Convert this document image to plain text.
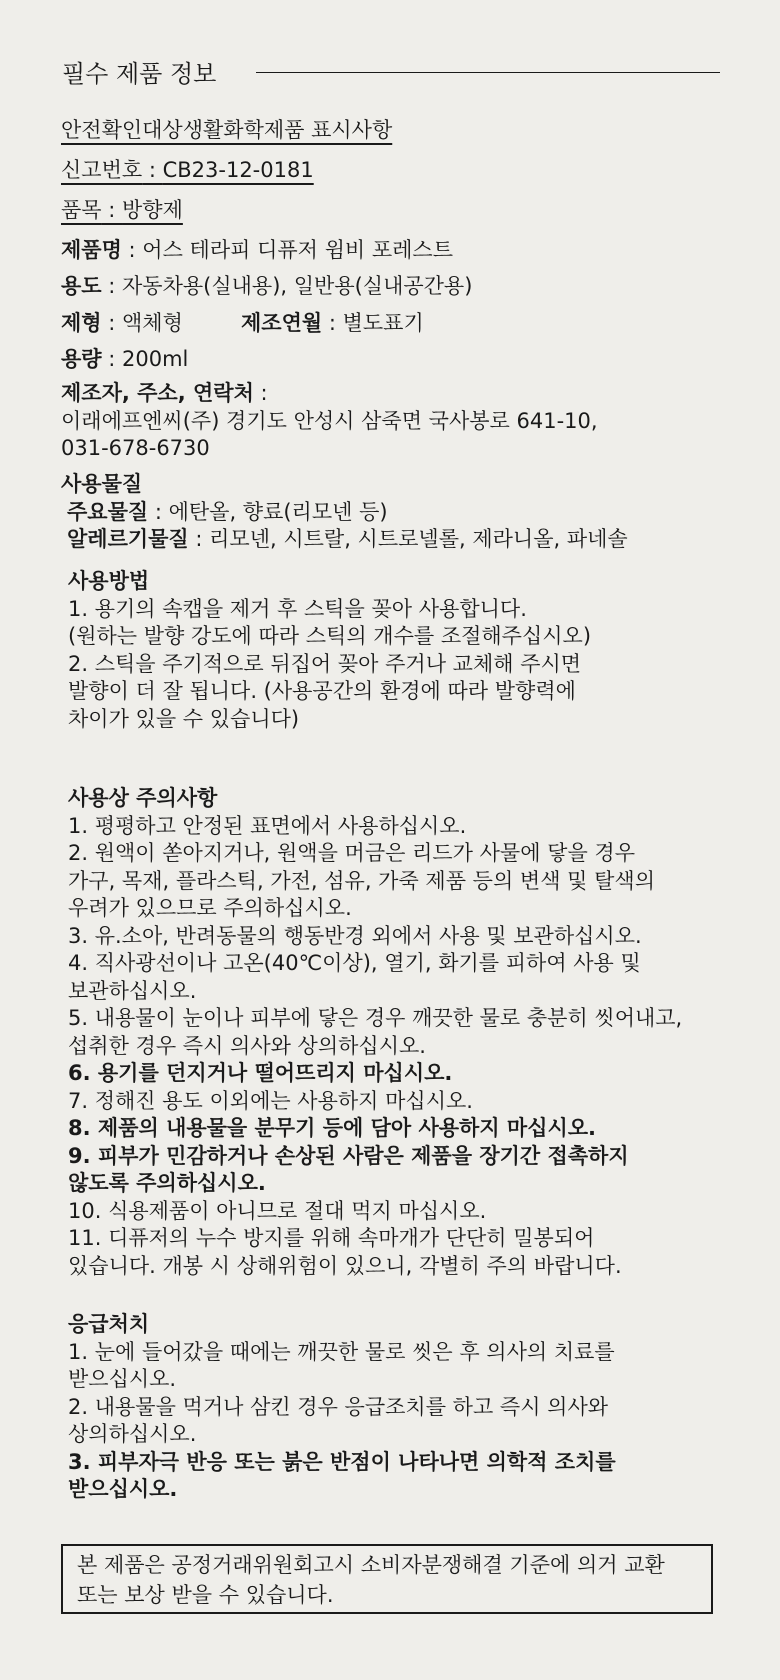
필수 제품 정보
안전확인대상생활화학제품 표시사항
신고번호 : CB23-12-0181
품목 : 방향제
제품명 : 어스 테라피 디퓨저 윔비 포레스트
용도 : 자동차용(실내용), 일반용(실내공간용)
제형 : 액체형	제조연월 : 별도표기
용량 : 200ml
제조자, 주소, 연락처 :
이래에프엔씨(주) 경기도 안성시 삼죽면 국사봉로 641-10,
031-678-6730
사용물질
주요물질 : 에탄올, 향료(리모넨 등)
알레르기물질 : 리모넨, 시트랄, 시트로넬롤, 제라니올, 파네솔
사용방법
1. 용기의 속캡을 제거 후 스틱을 꽂아 사용합니다.
(원하는 발향 강도에 따라 스틱의 개수를 조절해주십시오)
2. 스틱을 주기적으로 뒤집어 꽂아 주거나 교체해 주시면
발향이 더 잘 됩니다. (사용공간의 환경에 따라 발향력에
차이가 있을 수 있습니다)
사용상 주의사항
1. 평평하고 안정된 표면에서 사용하십시오.
2. 원액이 쏟아지거나, 원액을 머금은 리드가 사물에 닿을 경우
가구, 목재, 플라스틱, 가전, 섬유, 가죽 제품 등의 변색 및 탈색의
우려가 있으므로 주의하십시오.
3. 유.소아, 반려동물의 행동반경 외에서 사용 및 보관하십시오.
4. 직사광선이나 고온(40℃이상), 열기, 화기를 피하여 사용 및
보관하십시오.
5. 내용물이 눈이나 피부에 닿은 경우 깨끗한 물로 충분히 씻어내고,
섭취한 경우 즉시 의사와 상의하십시오.
6. 용기를 던지거나 떨어뜨리지 마십시오.
7. 정해진 용도 이외에는 사용하지 마십시오.
8. 제품의 내용물을 분무기 등에 담아 사용하지 마십시오.
9. 피부가 민감하거나 손상된 사람은 제품을 장기간 접촉하지
않도록 주의하십시오.
10. 식용제품이 아니므로 절대 먹지 마십시오.
11. 디퓨저의 누수 방지를 위해 속마개가 단단히 밀봉되어
있습니다. 개봉 시 상해위험이 있으니, 각별히 주의 바랍니다.
응급처치
1. 눈에 들어갔을 때에는 깨끗한 물로 씻은 후 의사의 치료를
받으십시오.
2. 내용물을 먹거나 삼킨 경우 응급조치를 하고 즉시 의사와
상의하십시오.
3. 피부자극 반응 또는 붉은 반점이 나타나면 의학적 조치를
받으십시오.
본 제품은 공정거래위원회고시 소비자분쟁해결 기준에 의거 교환
또는 보상 받을 수 있습니다.
